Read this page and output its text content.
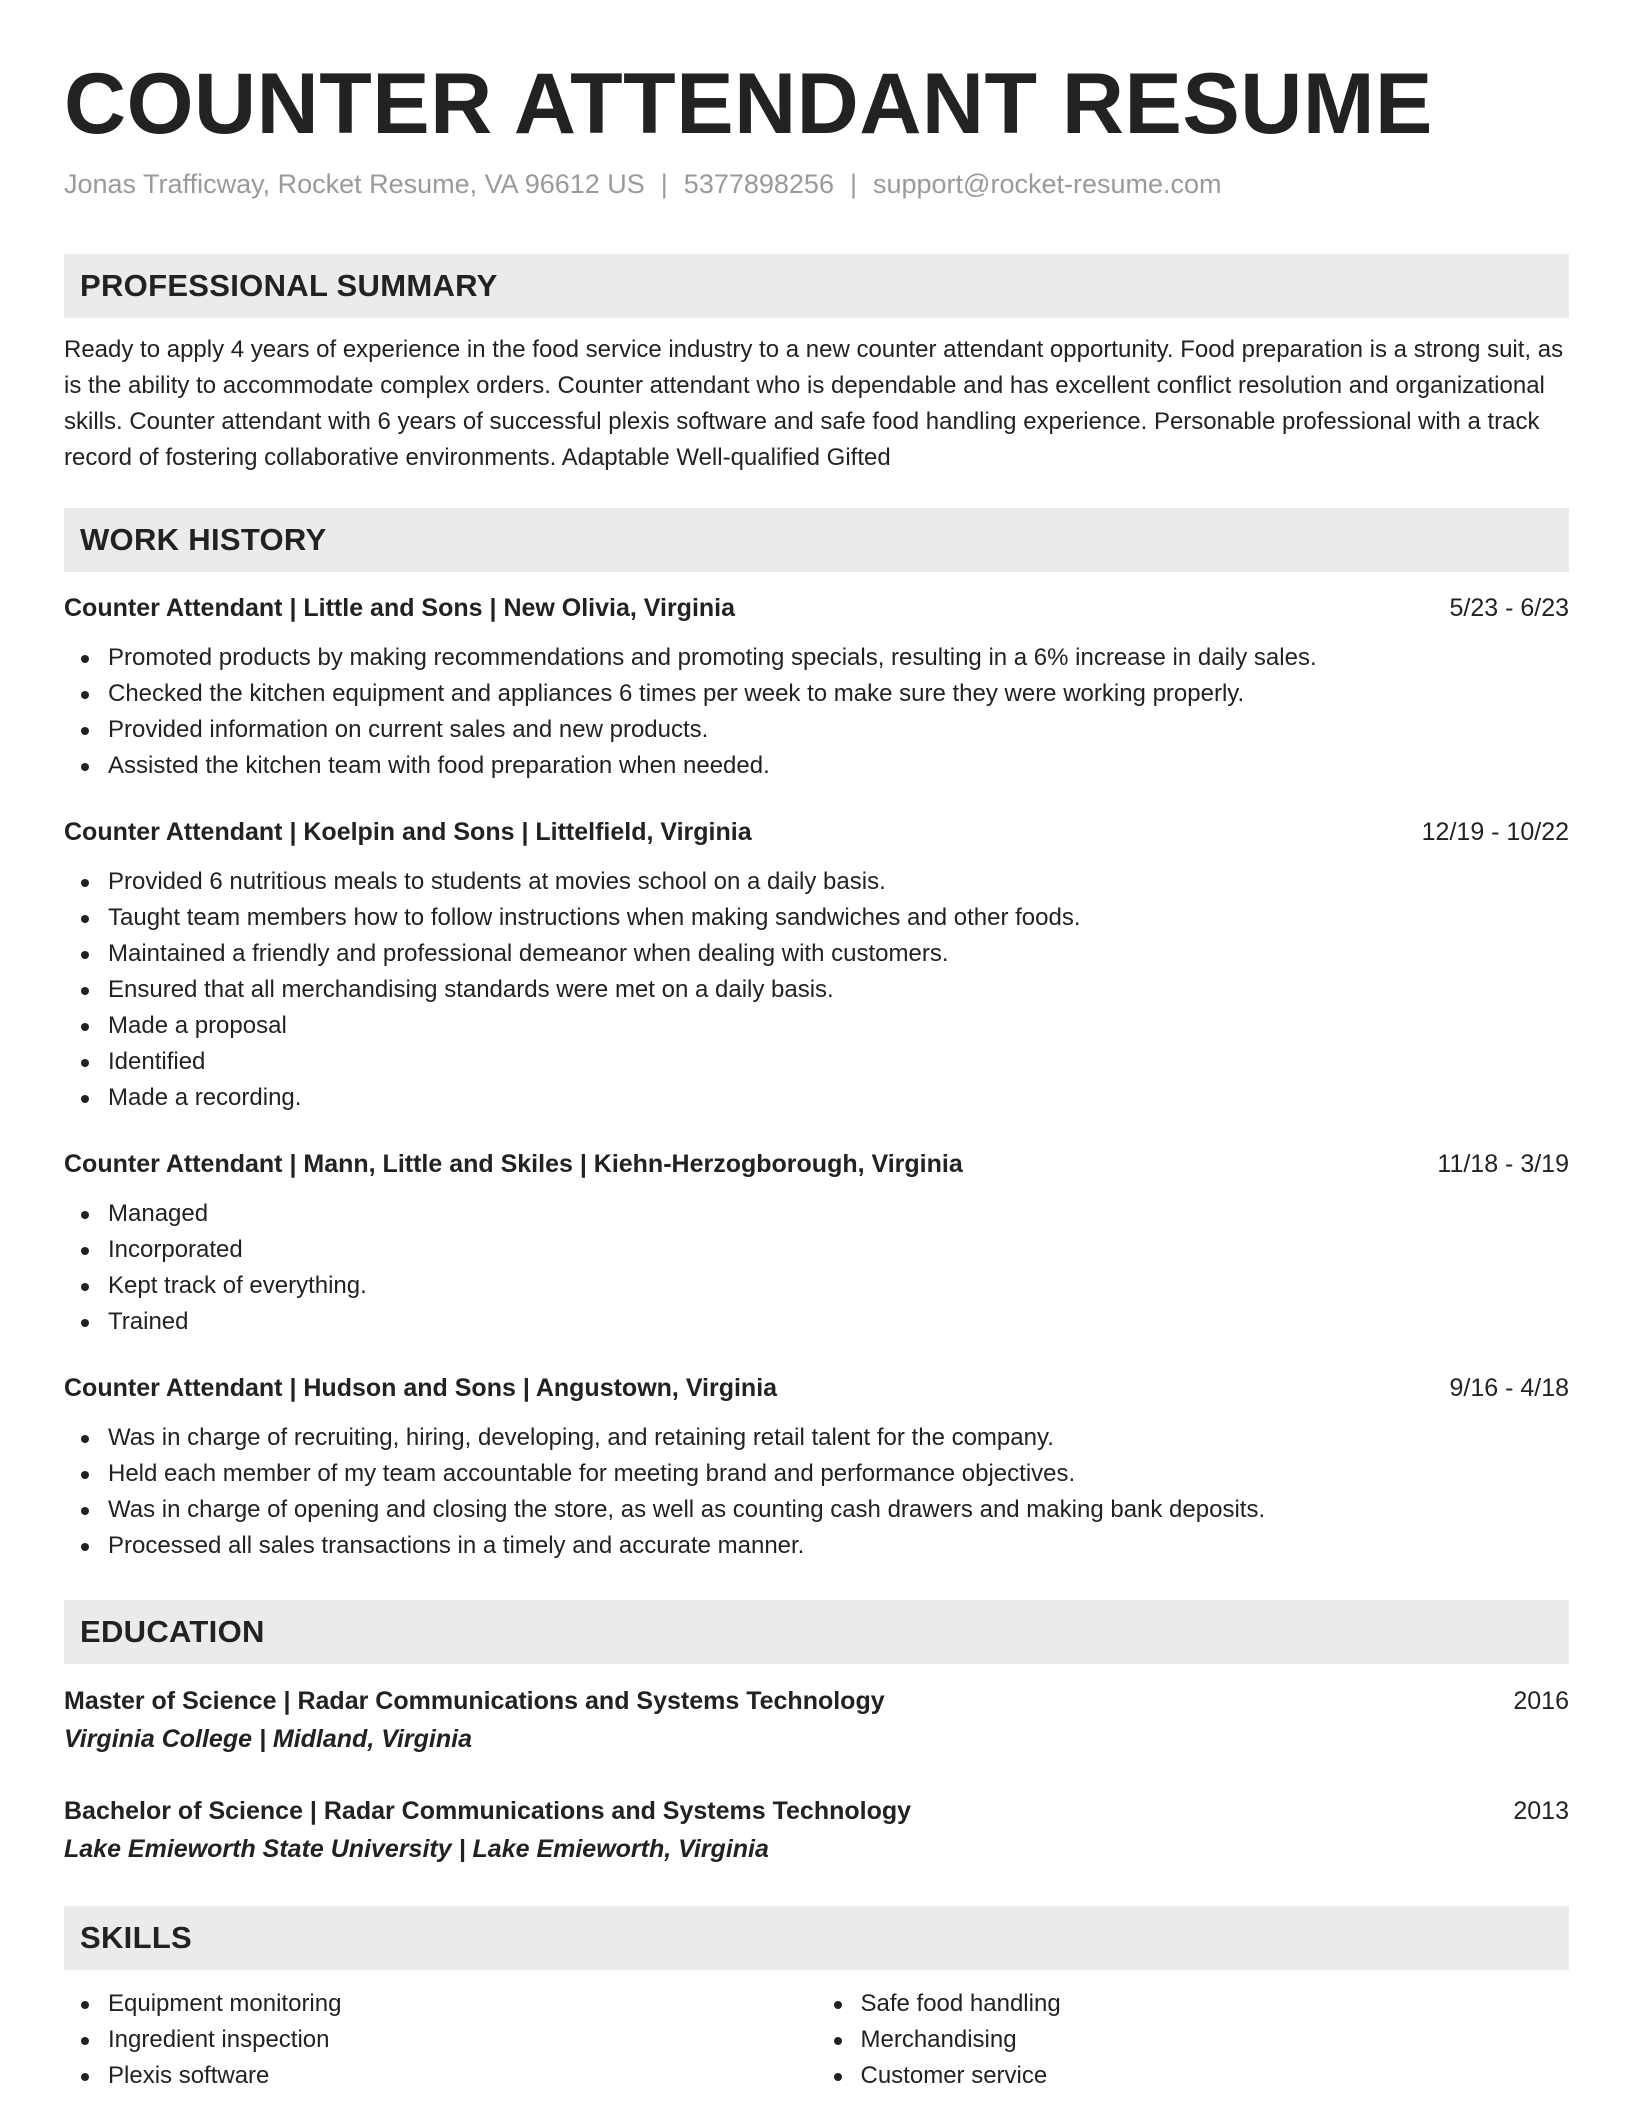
COUNTER ATTENDANT RESUME
Jonas Trafficway, Rocket Resume, VA 96612 US | 5377898256 | support@rocket-resume.com
PROFESSIONAL SUMMARY

Ready to apply 4 years of experience in the food service industry to a new counter attendant opportunity. Food preparation is a strong suit, as is the ability to accommodate complex orders. Counter attendant who is dependable and has excellent conflict resolution and organizational skills. Counter attendant with 6 years of successful plexis software and safe food handling experience. Personable professional with a track record of fostering collaborative environments. Adaptable Well-qualified Gifted

WORK HISTORY
Counter Attendant | Little and Sons | New Olivia, Virginia	5/23 - 6/23
Promoted products by making recommendations and promoting specials, resulting in a 6% increase in daily sales.
Checked the kitchen equipment and appliances 6 times per week to make sure they were working properly.
Provided information on current sales and new products.
Assisted the kitchen team with food preparation when needed.
Counter Attendant | Koelpin and Sons | Littelfield, Virginia	12/19 - 10/22
Provided 6 nutritious meals to students at movies school on a daily basis.
Taught team members how to follow instructions when making sandwiches and other foods.
Maintained a friendly and professional demeanor when dealing with customers.
Ensured that all merchandising standards were met on a daily basis.
Made a proposal
Identified
Made a recording.
Counter Attendant | Mann, Little and Skiles | Kiehn-Herzogborough, Virginia	11/18 - 3/19
Managed
Incorporated
Kept track of everything.
Trained
Counter Attendant | Hudson and Sons | Angustown, Virginia	9/16 - 4/18
Was in charge of recruiting, hiring, developing, and retaining retail talent for the company.
Held each member of my team accountable for meeting brand and performance objectives.
Was in charge of opening and closing the store, as well as counting cash drawers and making bank deposits.
Processed all sales transactions in a timely and accurate manner.
EDUCATION
Master of Science | Radar Communications and Systems Technology	2016
Virginia College | Midland, Virginia
Bachelor of Science | Radar Communications and Systems Technology	2013
Lake Emieworth State University | Lake Emieworth, Virginia
SKILLS
Equipment monitoring
Ingredient inspection
Plexis software
Safe food handling
Merchandising
Customer service
